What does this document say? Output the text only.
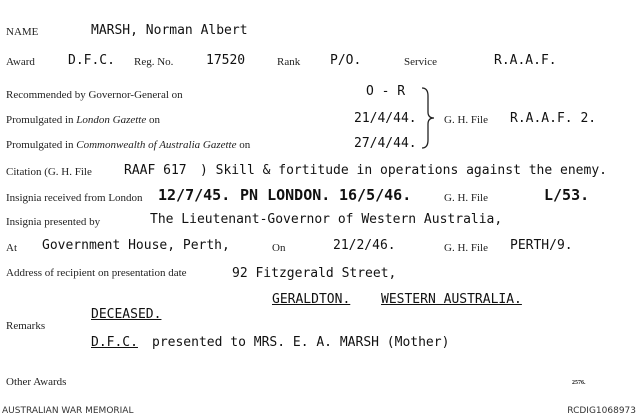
NAME	MARSH, Norman Albert
Award	D.F.C. Reg. No.	17520	Rank P/O.	Service	R.A.A.F.
Recommended by Governor-General on	O - R
Promulgated in London Gazette on	21/4/44.
Promulgated in Commonwealth of Australia Gazette on	27/4/44.
G. H. File R.A.A.F. 2.
Citation (G. H. File RAAF 617 ) Skill & fortitude in operations against the enemy.
Insignia received from London 12/7/45. PN LONDON. 16/5/46.	G. H. File	L/53.
Insignia presented by	The Lieutenant-Governor of Western Australia,
At Government House, Perth,	On	21/2/46.	G. H. File PERTH/9.
Address of recipient on presentation date	92 Fitzgerald Street,
GERALDTON. WESTERN AUSTRALIA.
Remarks
DECEASED.
D.F.C. presented to MRS. E. A. MARSH (Mother)
Other Awards	2576.
AUSTRALIAN WAR MEMORIAL	RCDIG1068973
